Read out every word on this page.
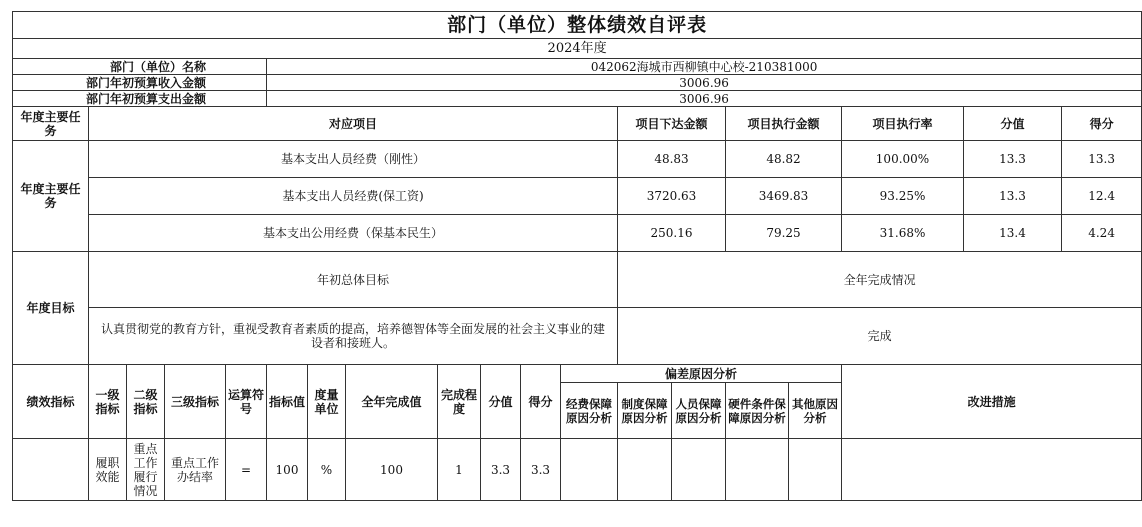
部门（单位）整体绩效自评表																		
2024年度																		
部门（单位）名称					042062海城市西柳镇中心校-210381000													
部门年初预算收入金额					3006.96													
部门年初预算支出金额					3006.96													
年度主要任务	对应项目											项目下达金额		项目执行金额		项目执行率	分值	得分
年度主要任务	基本支出人员经费（刚性）											48.83		48.82		100.00%	13.3	13.3
	基本支出人员经费(保工资)											3720.63		3469.83		93.25%	13.3	12.4
	基本支出公用经费（保基本民生）											250.16		79.25		31.68%	13.4	4.24
年度目标	年初总体目标											全年完成情况						
	认真贯彻党的教育方针，重视受教育者素质的提高，培养德智体等全面发展的社会主义事业的建设者和接班人。											完成						
绩效指标	一级指标	二级指标	三级指标	运算符号	指标值	度量单位	全年完成值	完成程度	分值	得分	偏差原因分析					改进措施		
											经费保障原因分析	制度保障原因分析	人员保障原因分析	硬件条件保障原因分析	其他原因分析			
	履职效能	重点工作履行情况	重点工作办结率	=	100	%	100	1	3.3	3.3								
